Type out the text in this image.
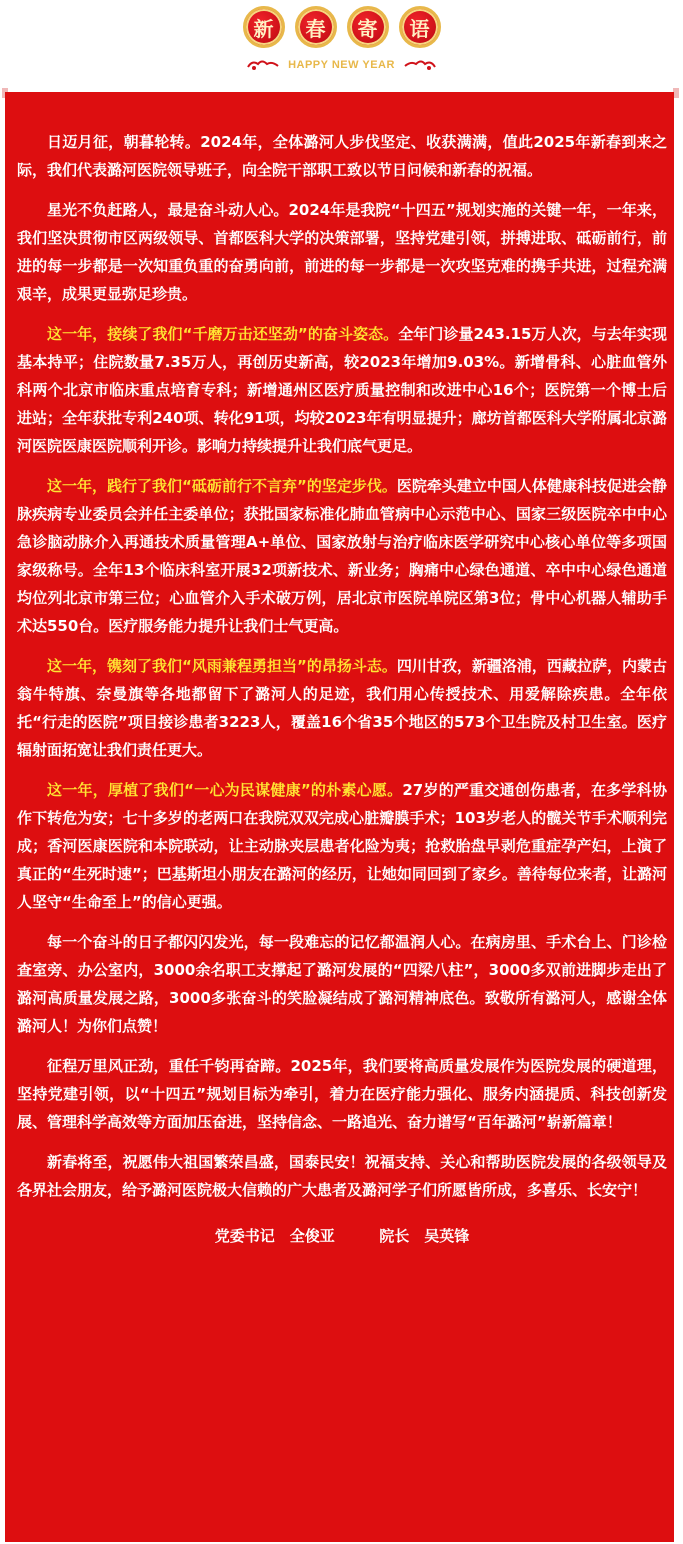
新	春	寄	语
HAPPY NEW YEAR

日迈月征，朝暮轮转。2024年，全体潞河人步伐坚定、收获满满，值此2025年新春到来之际，我们代表潞河医院领导班子，向全院干部职工致以节日问候和新春的祝福。

星光不负赶路人，最是奋斗动人心。2024年是我院“十四五”规划实施的关键一年，一年来，我们坚决贯彻市区两级领导、首都医科大学的决策部署，坚持党建引领，拼搏进取、砥砺前行，前进的每一步都是一次知重负重的奋勇向前，前进的每一步都是一次攻坚克难的携手共进，过程充满艰辛，成果更显弥足珍贵。

这一年，接续了我们“千磨万击还坚劲”的奋斗姿态。全年门诊量243.15万人次，与去年实现基本持平；住院数量7.35万人，再创历史新高，较2023年增加9.03%。新增骨科、心脏血管外科两个北京市临床重点培育专科；新增通州区医疗质量控制和改进中心16个；医院第一个博士后进站；全年获批专利240项、转化91项，均较2023年有明显提升；廊坊首都医科大学附属北京潞河医院医康医院顺利开诊。影响力持续提升让我们底气更足。

这一年，践行了我们“砥砺前行不言弃”的坚定步伐。医院牵头建立中国人体健康科技促进会静脉疾病专业委员会并任主委单位；获批国家标准化肺血管病中心示范中心、国家三级医院卒中中心急诊脑动脉介入再通技术质量管理A+单位、国家放射与治疗临床医学研究中心核心单位等多项国家级称号。全年13个临床科室开展32项新技术、新业务；胸痛中心绿色通道、卒中中心绿色通道均位列北京市第三位；心血管介入手术破万例，居北京市医院单院区第3位；骨中心机器人辅助手术达550台。医疗服务能力提升让我们士气更高。

这一年，镌刻了我们“风雨兼程勇担当”的昂扬斗志。四川甘孜，新疆洛浦，西藏拉萨，内蒙古翁牛特旗、奈曼旗等各地都留下了潞河人的足迹，我们用心传授技术、用爱解除疾患。全年依托“行走的医院”项目接诊患者3223人，覆盖16个省35个地区的573个卫生院及村卫生室。医疗辐射面拓宽让我们责任更大。

这一年，厚植了我们“一心为民谋健康”的朴素心愿。27岁的严重交通创伤患者，在多学科协作下转危为安；七十多岁的老两口在我院双双完成心脏瓣膜手术；103岁老人的髋关节手术顺利完成；香河医康医院和本院联动，让主动脉夹层患者化险为夷；抢救胎盘早剥危重症孕产妇，上演了真正的“生死时速”；巴基斯坦小朋友在潞河的经历，让她如同回到了家乡。善待每位来者，让潞河人坚守“生命至上”的信心更强。

每一个奋斗的日子都闪闪发光，每一段难忘的记忆都温润人心。在病房里、手术台上、门诊检查室旁、办公室内，3000余名职工支撑起了潞河发展的“四梁八柱”，3000多双前进脚步走出了潞河高质量发展之路，3000多张奋斗的笑脸凝结成了潞河精神底色。致敬所有潞河人，感谢全体潞河人！为你们点赞！

征程万里风正劲，重任千钧再奋蹄。2025年，我们要将高质量发展作为医院发展的硬道理，坚持党建引领，以“十四五”规划目标为牵引，着力在医疗能力强化、服务内涵提质、科技创新发展、管理科学高效等方面加压奋进，坚持信念、一路追光、奋力谱写“百年潞河”崭新篇章！

新春将至，祝愿伟大祖国繁荣昌盛，国泰民安！祝福支持、关心和帮助医院发展的各级领导及各界社会朋友，给予潞河医院极大信赖的广大患者及潞河学子们所愿皆所成，多喜乐、长安宁！

党委书记　全俊亚	院长　吴英锋
